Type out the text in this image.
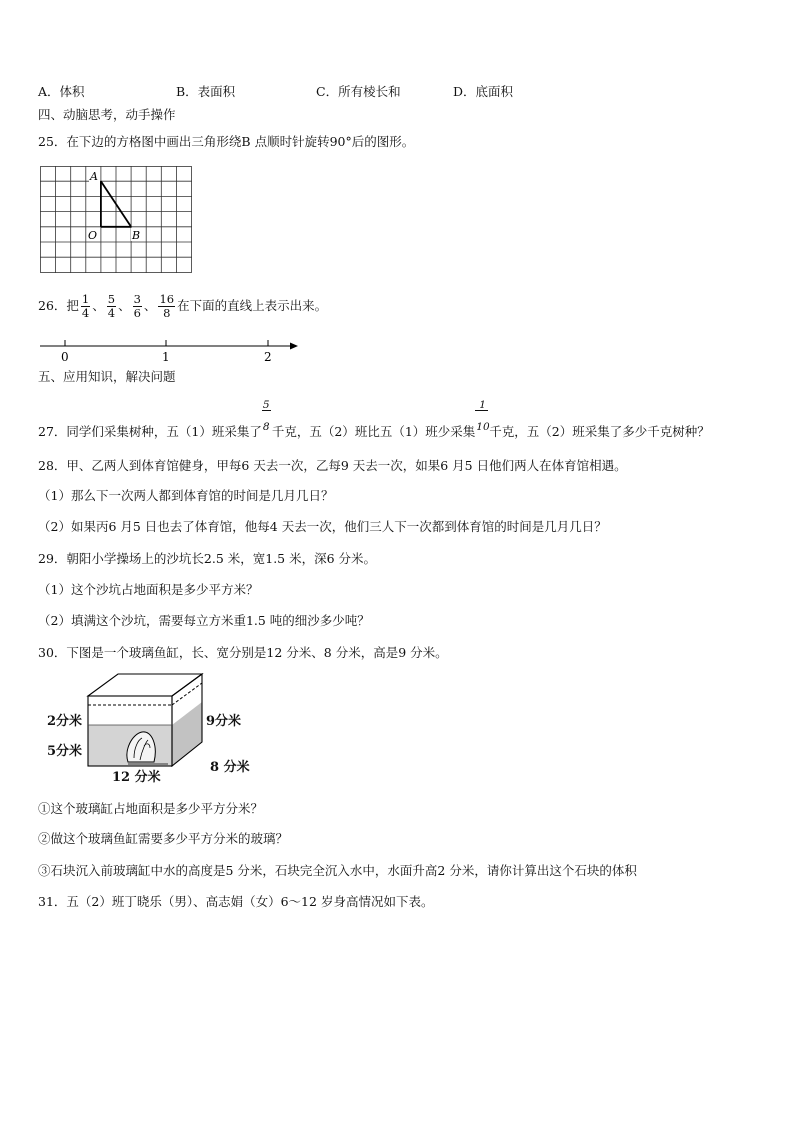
A．体积	B．表面积	C．所有棱长和	D．底面积
四、动脑思考，动手操作
25．在下边的方格图中画出三角形绕B 点顺时针旋转90°后的图形。
A
O	B
26．把 $\frac{1}{4}$ 、 $\frac{5}{4}$ 、 $\frac{3}{6}$ 、 $\frac{16}{8}$ 在下面的直线上表示出来。
0	1	2
五、应用知识，解决问题
27．同学们采集树种，五（1）班采集了 $\frac{5}{8}$ 千克，五（2）班比五（1）班少采集 $\frac{1}{10}$ 千克，五（2）班采集了多少千克树种？
28．甲、乙两人到体育馆健身，甲每6 天去一次，乙每9 天去一次，如果6 月5 日他们两人在体育馆相遇。
（1）那么下一次两人都到体育馆的时间是几月几日？
（2）如果丙6 月5 日也去了体育馆，他每4 天去一次，他们三人下一次都到体育馆的时间是几月几日？
29．朝阳小学操场上的沙坑长2.5 米，宽1.5 米，深6 分米。
（1）这个沙坑占地面积是多少平方米？
（2）填满这个沙坑，需要每立方米重1.5 吨的细沙多少吨？
30．下图是一个玻璃鱼缸，长、宽分别是12 分米、8 分米，高是9 分米。
2分米
5分米
9分米
12 分米
8 分米
①这个玻璃缸占地面积是多少平方分米？
②做这个玻璃鱼缸需要多少平方分米的玻璃？
③石块沉入前玻璃缸中水的高度是5 分米，石块完全沉入水中，水面升高2 分米，请你计算出这个石块的体积
31．五（2）班丁晓乐（男）、高志娟（女）6～12 岁身高情况如下表。
